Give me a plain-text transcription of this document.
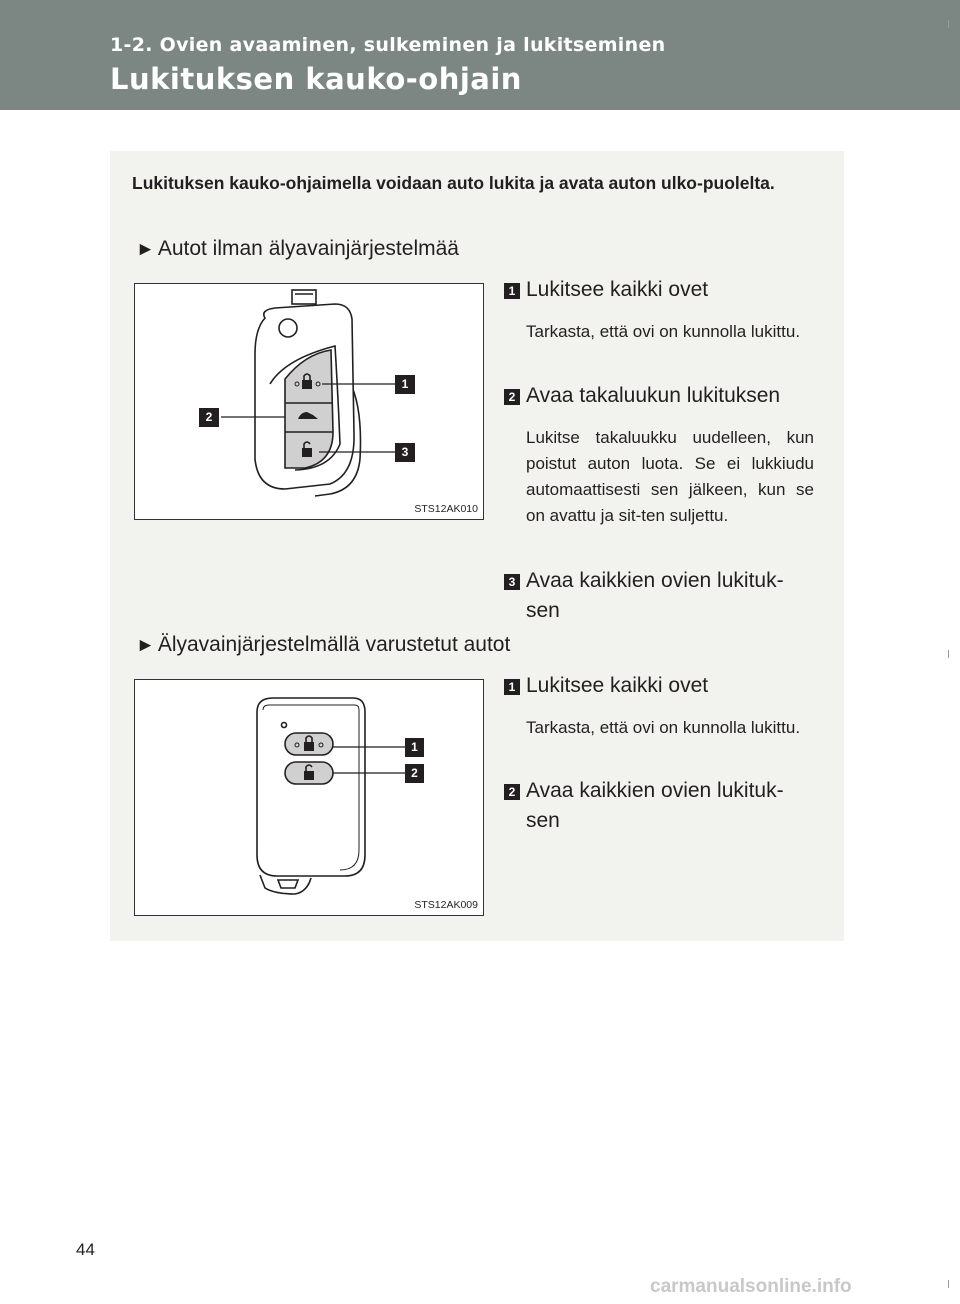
1-2. Ovien avaaminen, sulkeminen ja lukitseminen
Lukituksen kauko-ohjain
Lukituksen kauko-ohjaimella voidaan auto lukita ja avata auton ulko-puolelta.
► Autot ilman älyavainjärjestelmää
1
2
3
STS12AK010
1 Lukitsee kaikki ovet
Tarkasta, että ovi on kunnolla lukittu.
2 Avaa takaluukun lukituksen
Lukitse takaluukku uudelleen, kun poistut auton luota. Se ei lukkiudu automaattisesti sen jälkeen, kun se on avattu ja sit-ten suljettu.
3 Avaa kaikkien ovien lukituk-sen
► Älyavainjärjestelmällä varustetut autot
1
2
STS12AK009
1 Lukitsee kaikki ovet
Tarkasta, että ovi on kunnolla lukittu.
2 Avaa kaikkien ovien lukituk-sen
44
carmanualsonline.info
